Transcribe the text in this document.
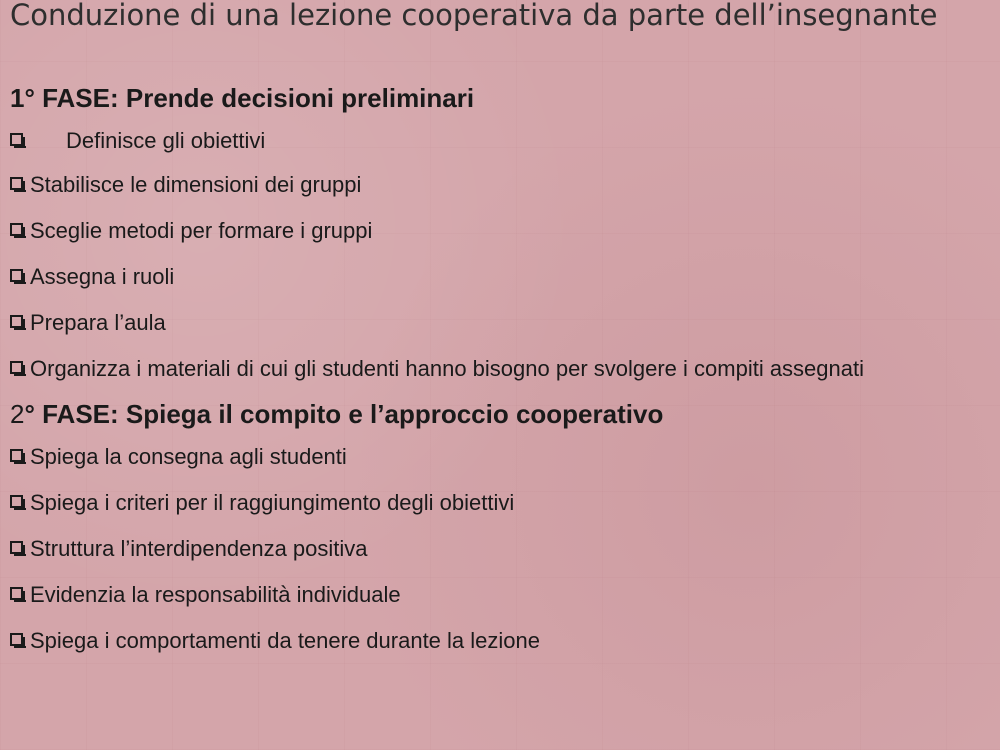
Conduzione di una lezione cooperativa da parte dell’insegnante

1° FASE: Prende decisioni preliminari

Definisce gli obiettivi
Stabilisce le dimensioni dei gruppi
Sceglie metodi per formare i gruppi
Assegna i ruoli
Prepara l’aula
Organizza i materiali di cui gli studenti hanno bisogno per svolgere i compiti assegnati

2° FASE: Spiega il compito e l’approccio cooperativo

Spiega la consegna agli studenti
Spiega i criteri per il raggiungimento degli obiettivi
Struttura l’interdipendenza positiva
Evidenzia la responsabilità individuale
Spiega i comportamenti da tenere durante la lezione
